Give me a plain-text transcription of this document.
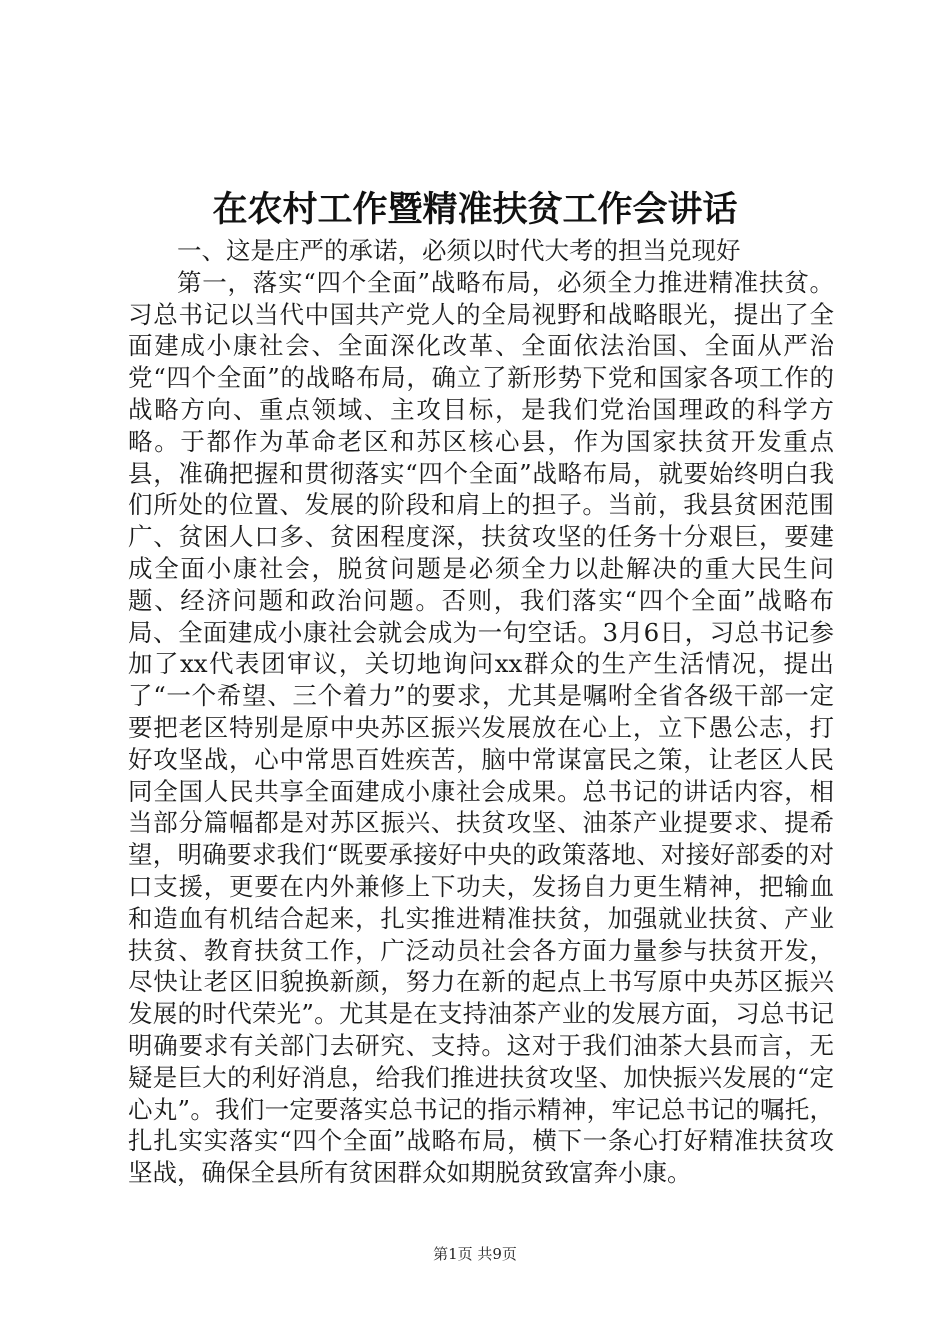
在农村工作暨精准扶贫工作会讲话

一、这是庄严的承诺，必须以时代大考的担当兑现好

第一，落实“四个全面”战略布局，必须全力推进精准扶贫。习总书记以当代中国共产党人的全局视野和战略眼光，提出了全面建成小康社会、全面深化改革、全面依法治国、全面从严治党“四个全面”的战略布局，确立了新形势下党和国家各项工作的战略方向、重点领域、主攻目标，是我们党治国理政的科学方略。于都作为革命老区和苏区核心县，作为国家扶贫开发重点县，准确把握和贯彻落实“四个全面”战略布局，就要始终明白我们所处的位置、发展的阶段和肩上的担子。当前，我县贫困范围广、贫困人口多、贫困程度深，扶贫攻坚的任务十分艰巨，要建成全面小康社会，脱贫问题是必须全力以赴解决的重大民生问题、经济问题和政治问题。否则，我们落实“四个全面”战略布局、全面建成小康社会就会成为一句空话。3月6日，习总书记参加了xx代表团审议，关切地询问xx群众的生产生活情况，提出了“一个希望、三个着力”的要求，尤其是嘱咐全省各级干部一定要把老区特别是原中央苏区振兴发展放在心上，立下愚公志，打好攻坚战，心中常思百姓疾苦，脑中常谋富民之策，让老区人民同全国人民共享全面建成小康社会成果。总书记的讲话内容，相当部分篇幅都是对苏区振兴、扶贫攻坚、油茶产业提要求、提希望，明确要求我们“既要承接好中央的政策落地、对接好部委的对口支援，更要在内外兼修上下功夫，发扬自力更生精神，把输血和造血有机结合起来，扎实推进精准扶贫，加强就业扶贫、产业扶贫、教育扶贫工作，广泛动员社会各方面力量参与扶贫开发，尽快让老区旧貌换新颜，努力在新的起点上书写原中央苏区振兴发展的时代荣光”。尤其是在支持油茶产业的发展方面，习总书记明确要求有关部门去研究、支持。这对于我们油茶大县而言，无疑是巨大的利好消息，给我们推进扶贫攻坚、加快振兴发展的“定心丸”。我们一定要落实总书记的指示精神，牢记总书记的嘱托，扎扎实实落实“四个全面”战略布局，横下一条心打好精准扶贫攻坚战，确保全县所有贫困群众如期脱贫致富奔小康。

第1页 共9页
